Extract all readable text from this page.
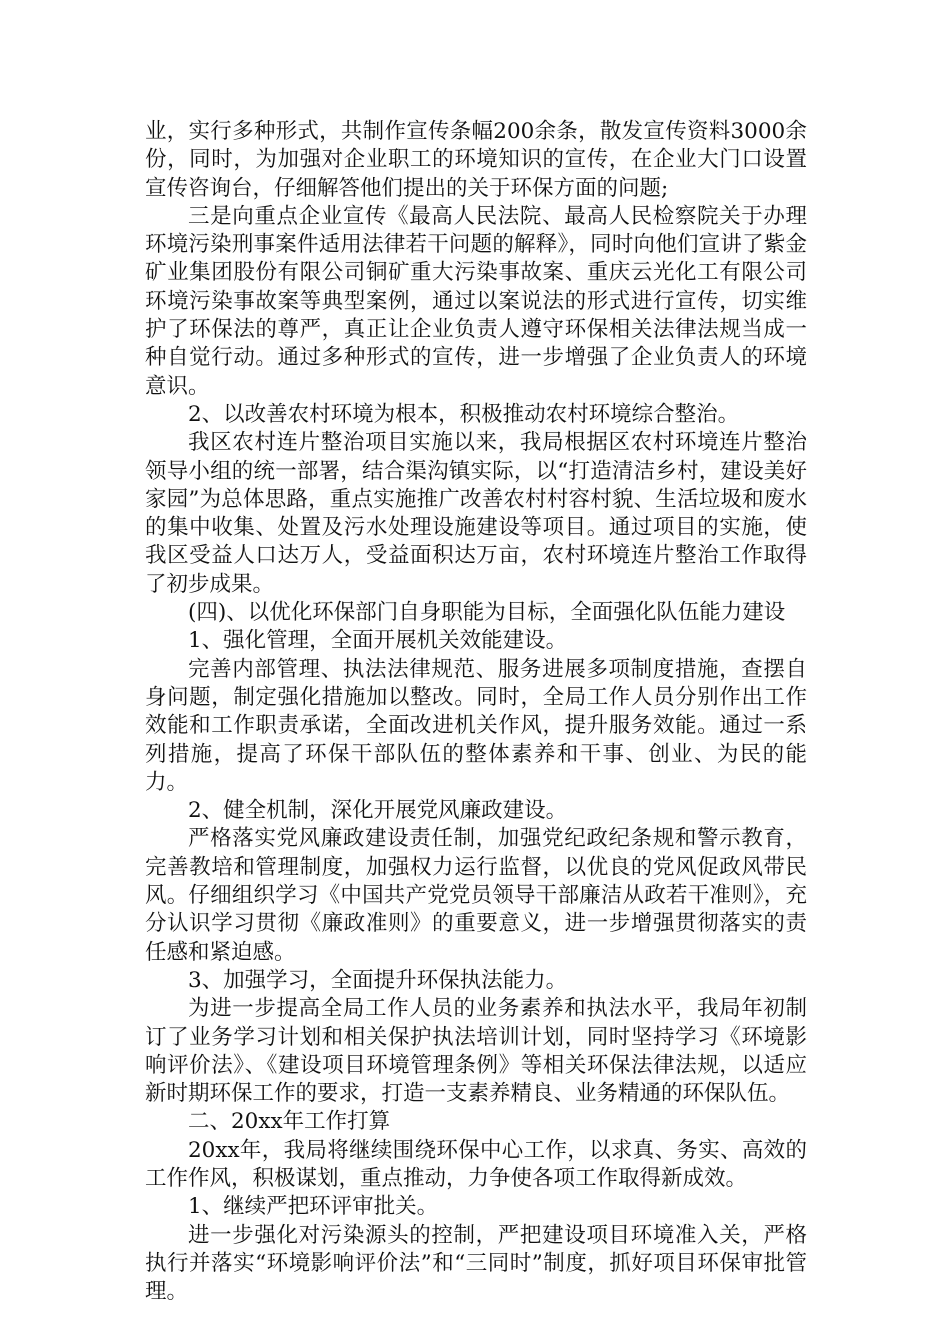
业，实行多种形式，共制作宣传条幅200余条，散发宣传资料3000余份，同时，为加强对企业职工的环境知识的宣传，在企业大门口设置宣传咨询台，仔细解答他们提出的关于环保方面的问题;

三是向重点企业宣传《最高人民法院、最高人民检察院关于办理环境污染刑事案件适用法律若干问题的解释》，同时向他们宣讲了紫金矿业集团股份有限公司铜矿重大污染事故案、重庆云光化工有限公司环境污染事故案等典型案例，通过以案说法的形式进行宣传，切实维护了环保法的尊严，真正让企业负责人遵守环保相关法律法规当成一种自觉行动。通过多种形式的宣传，进一步增强了企业负责人的环境意识。

2、以改善农村环境为根本，积极推动农村环境综合整治。

我区农村连片整治项目实施以来，我局根据区农村环境连片整治领导小组的统一部署，结合渠沟镇实际，以“打造清洁乡村，建设美好家园”为总体思路，重点实施推广改善农村村容村貌、生活垃圾和废水的集中收集、处置及污水处理设施建设等项目。通过项目的实施，使我区受益人口达万人，受益面积达万亩，农村环境连片整治工作取得了初步成果。

(四)、以优化环保部门自身职能为目标，全面强化队伍能力建设

1、强化管理，全面开展机关效能建设。

完善内部管理、执法法律规范、服务进展多项制度措施，查摆自身问题，制定强化措施加以整改。同时，全局工作人员分别作出工作效能和工作职责承诺，全面改进机关作风，提升服务效能。通过一系列措施，提高了环保干部队伍的整体素养和干事、创业、为民的能力。

2、健全机制，深化开展党风廉政建设。

严格落实党风廉政建设责任制，加强党纪政纪条规和警示教育，完善教培和管理制度，加强权力运行监督，以优良的党风促政风带民风。仔细组织学习《中国共产党党员领导干部廉洁从政若干准则》，充分认识学习贯彻《廉政准则》的重要意义，进一步增强贯彻落实的责任感和紧迫感。

3、加强学习，全面提升环保执法能力。

为进一步提高全局工作人员的业务素养和执法水平，我局年初制订了业务学习计划和相关保护执法培训计划，同时坚持学习《环境影响评价法》、《建设项目环境管理条例》等相关环保法律法规，以适应新时期环保工作的要求，打造一支素养精良、业务精通的环保队伍。

二、20xx年工作打算

20xx年，我局将继续围绕环保中心工作，以求真、务实、高效的工作作风，积极谋划，重点推动，力争使各项工作取得新成效。

1、继续严把环评审批关。

进一步强化对污染源头的控制，严把建设项目环境准入关，严格执行并落实“环境影响评价法”和“三同时”制度，抓好项目环保审批管理。
